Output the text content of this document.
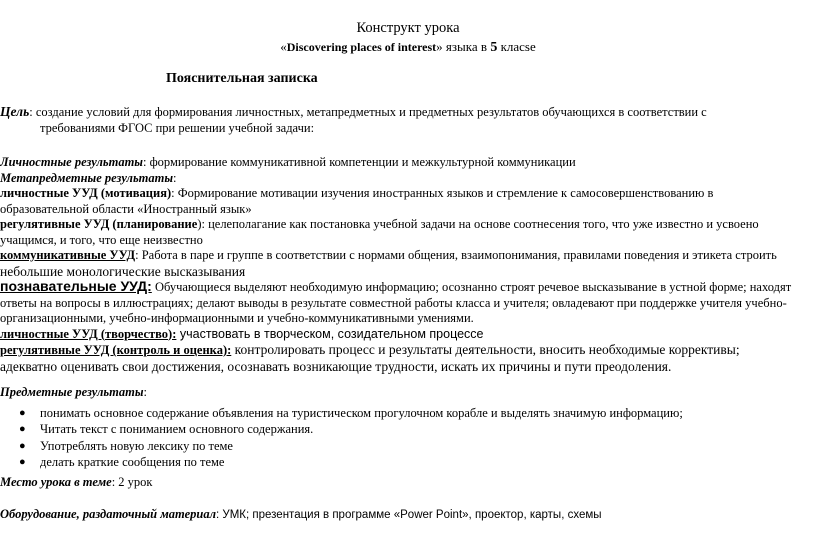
Конструкт урока
«Discovering places of interest» языка в 5 класse
Пояснительная записка
Цель: создание условий для формирования личностных, метапредметных и предметных результатов обучающихся в соответствии с
требованиями ФГОС при решении учебной задачи:
Личностные результаты: формирование коммуникативной компетенции и межкультурной коммуникации
Метапредметные результаты:
личностные УУД (мотивация): Формирование мотивации изучения иностранных языков и стремление к самосовершенствованию в
образовательной области «Иностранный язык»
регулятивные УУД (планирование): целеполагание как постановка учебной задачи на основе соотнесения того, что уже известно и усвоено
учащимся, и того, что еще неизвестно
коммуникативные УУД: Работа в паре и группе в соответствии с нормами общения, взаимопонимания, правилами поведения и этикета строить
небольшие монологические высказывания
познавательные УУД: Обучающиеся выделяют необходимую информацию; осознанно строят речевое высказывание в устной форме; находят
ответы на вопросы в иллюстрациях; делают выводы в результате совместной работы класса и учителя; овладевают при поддержке учителя учебно-
организационными, учебно-информационными и учебно-коммуникативными умениями.
личностные УУД (творчество): участвовать в творческом, созидательном процессе
регулятивные УУД (контроль и оценка): контролировать процесс и результаты деятельности, вносить необходимые коррективы;
адекватно оценивать свои достижения, осознавать возникающие трудности, искать их причины и пути преодоления.
Предметные результаты:
● понимать основное содержание объявления на туристическом прогулочном корабле и выделять значимую информацию;
● Читать текст с пониманием основного содержания.
● Употреблять новую лексику по теме
● делать краткие сообщения по теме
Место урока в теме: 2 урок
Оборудование, раздаточный материал: УМК; презентация в программе «Power Point», проектор, карты, схемы
